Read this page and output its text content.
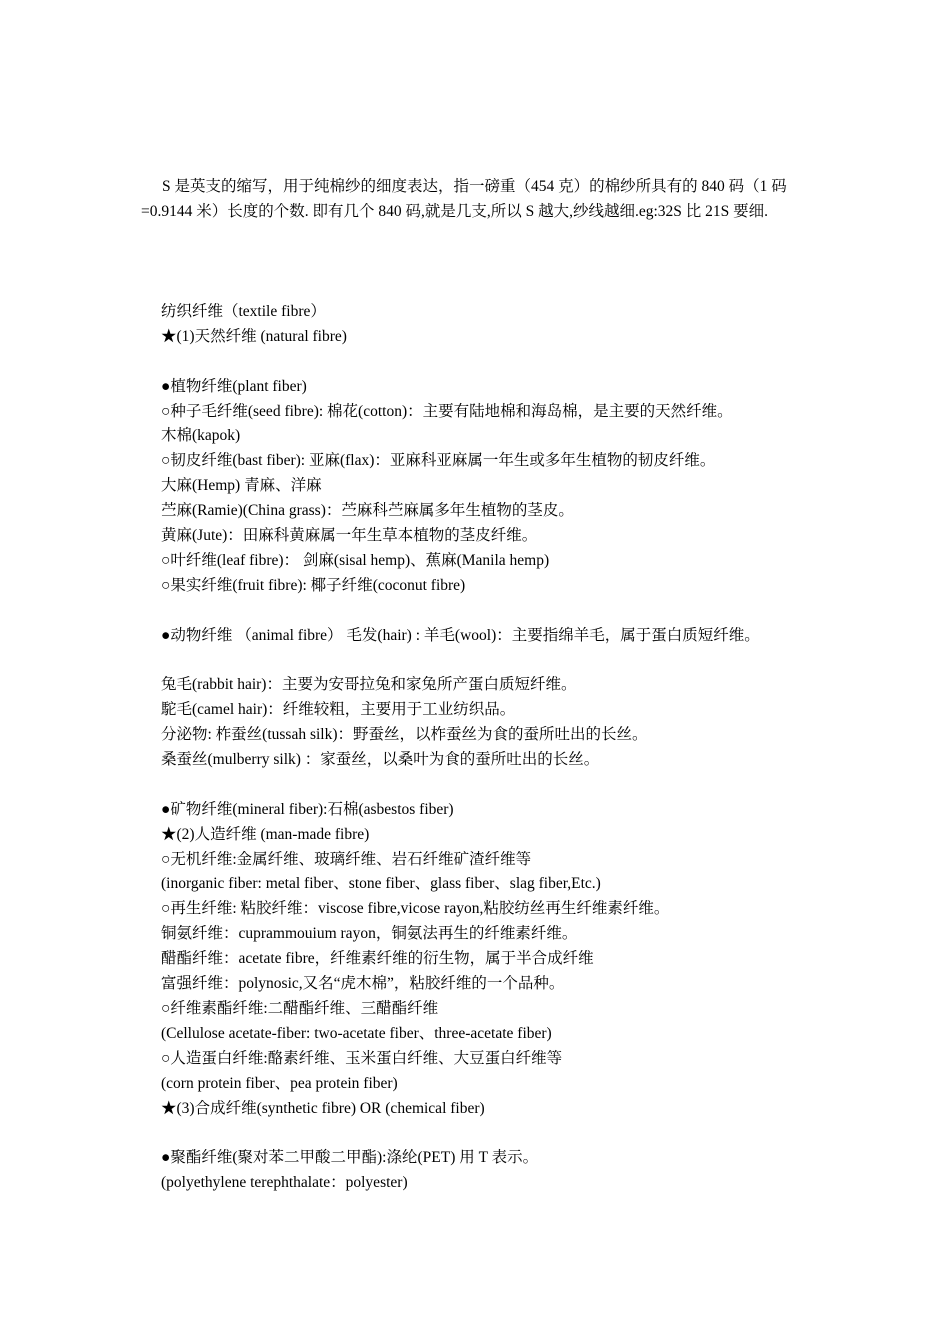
S 是英支的缩写，用于纯棉纱的细度表达，指一磅重（454 克）的棉纱所具有的 840 码（1 码=0.9144 米）长度的个数. 即有几个 840 码,就是几支,所以 S 越大,纱线越细.eg:32S 比 21S 要细.

纺织纤维（textile fibre）
★(1)天然纤维 (natural fibre)
●植物纤维(plant fiber)
○种子毛纤维(seed fibre): 棉花(cotton)：主要有陆地棉和海岛棉，是主要的天然纤维。
木棉(kapok)
○韧皮纤维(bast fiber): 亚麻(flax)：亚麻科亚麻属一年生或多年生植物的韧皮纤维。
大麻(Hemp) 青麻、洋麻
苎麻(Ramie)(China grass)：苎麻科苎麻属多年生植物的茎皮。
黄麻(Jute)：田麻科黄麻属一年生草本植物的茎皮纤维。
○叶纤维(leaf fibre)： 剑麻(sisal hemp)、蕉麻(Manila hemp)
○果实纤维(fruit fibre): 椰子纤维(coconut fibre)
●动物纤维 （animal fibre） 毛发(hair) : 羊毛(wool)：主要指绵羊毛，属于蛋白质短纤维。
兔毛(rabbit hair)：主要为安哥拉兔和家兔所产蛋白质短纤维。
駝毛(camel hair)：纤维较粗，主要用于工业纺织品。
分泌物: 柞蚕丝(tussah silk)：野蚕丝，以柞蚕丝为食的蚕所吐出的长丝。
桑蚕丝(mulberry silk) ：家蚕丝，以桑叶为食的蚕所吐出的长丝。
●矿物纤维(mineral fiber):石棉(asbestos fiber)
★(2)人造纤维 (man-made fibre)
○无机纤维:金属纤维、玻璃纤维、岩石纤维矿渣纤维等
(inorganic fiber: metal fiber、stone fiber、glass fiber、slag fiber,Etc.)
○再生纤维: 粘胶纤维：viscose fibre,vicose rayon,粘胶纺丝再生纤维素纤维。
铜氨纤维：cuprammouium rayon，铜氨法再生的纤维素纤维。
醋酯纤维：acetate fibre，纤维素纤维的衍生物，属于半合成纤维
富强纤维：polynosic,又名“虎木棉”，粘胶纤维的一个品种。
○纤维素酯纤维:二醋酯纤维、三醋酯纤维
(Cellulose acetate-fiber: two-acetate fiber、three-acetate fiber)
○人造蛋白纤维:酪素纤维、玉米蛋白纤维、大豆蛋白纤维等
(corn protein fiber、pea protein fiber)
★(3)合成纤维(synthetic fibre) OR (chemical fiber)
●聚酯纤维(聚对苯二甲酸二甲酯):涤纶(PET) 用 T 表示。
(polyethylene terephthalate：polyester)
